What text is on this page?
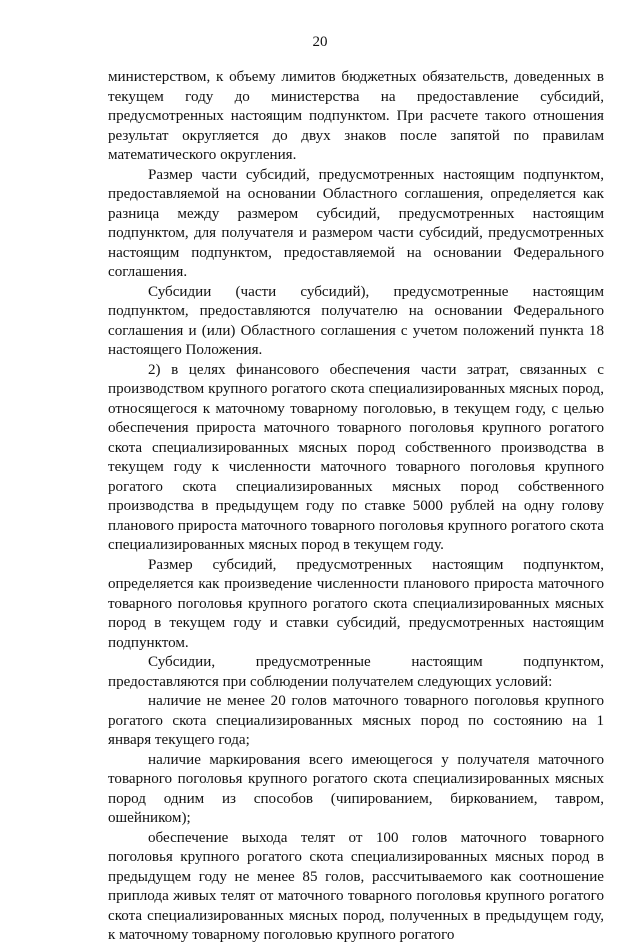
20

министерством, к объему лимитов бюджетных обязательств, доведенных в текущем году до министерства на предоставление субсидий, предусмотренных настоящим подпунктом. При расчете такого отношения результат округляется до двух знаков после запятой по правилам математического округления.

Размер части субсидий, предусмотренных настоящим подпунктом, предоставляемой на основании Областного соглашения, определяется как разница между размером субсидий, предусмотренных настоящим подпунктом, для получателя и размером части субсидий, предусмотренных настоящим подпунктом, предоставляемой на основании Федерального соглашения.

Субсидии (части субсидий), предусмотренные настоящим подпунктом, предоставляются получателю на основании Федерального соглашения и (или) Областного соглашения с учетом положений пункта 18 настоящего Положения.

2) в целях финансового обеспечения части затрат, связанных с производством крупного рогатого скота специализированных мясных пород, относящегося к маточному товарному поголовью, в текущем году, с целью обеспечения прироста маточного товарного поголовья крупного рогатого скота специализированных мясных пород собственного производства в текущем году к численности маточного товарного поголовья крупного рогатого скота специализированных мясных пород собственного производства в предыдущем году по ставке 5000 рублей на одну голову планового прироста маточного товарного поголовья крупного рогатого скота специализированных мясных пород в текущем году.

Размер субсидий, предусмотренных настоящим подпунктом, определяется как произведение численности планового прироста маточного товарного поголовья крупного рогатого скота специализированных мясных пород в текущем году и ставки субсидий, предусмотренных настоящим подпунктом.

Субсидии, предусмотренные настоящим подпунктом, предоставляются при соблюдении получателем следующих условий:

наличие не менее 20 голов маточного товарного поголовья крупного рогатого скота специализированных мясных пород по состоянию на 1 января текущего года;

наличие маркирования всего имеющегося у получателя маточного товарного поголовья крупного рогатого скота специализированных мясных пород одним из способов (чипированием, биркованием, тавром, ошейником);

обеспечение выхода телят от 100 голов маточного товарного поголовья крупного рогатого скота специализированных мясных пород в предыдущем году не менее 85 голов, рассчитываемого как соотношение приплода живых телят от маточного товарного поголовья крупного рогатого скота специализированных мясных пород, полученных в предыдущем году, к маточному товарному поголовью крупного рогатого
